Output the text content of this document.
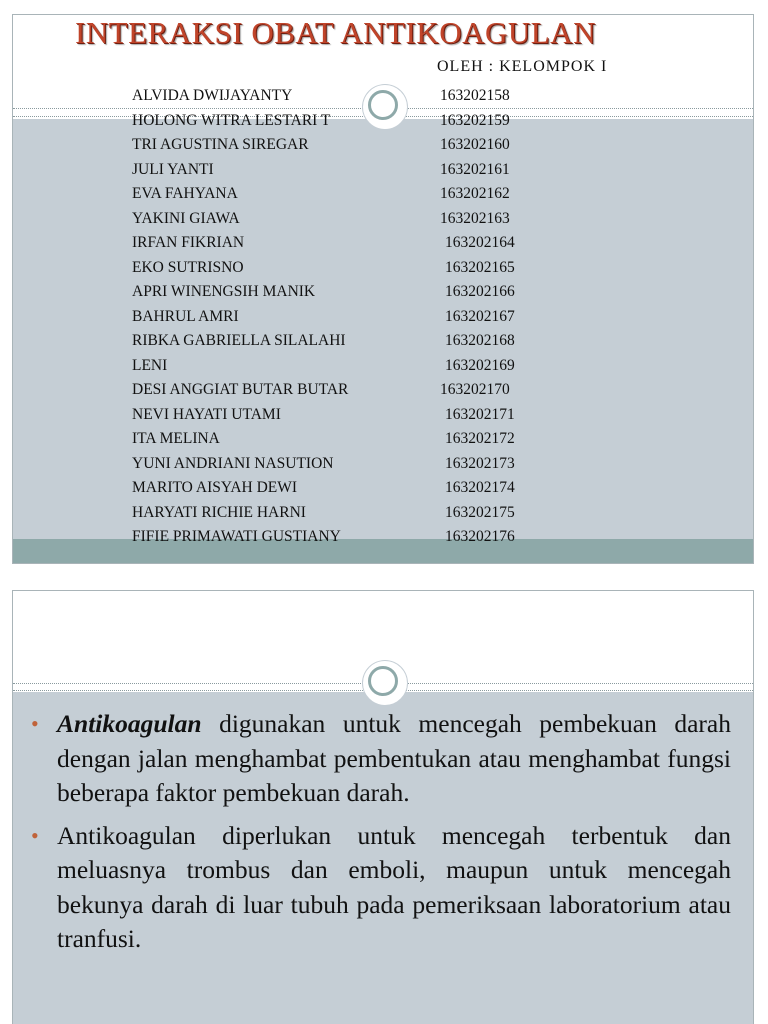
INTERAKSI OBAT ANTIKOAGULAN
OLEH : KELOMPOK I
ALVIDA DWIJAYANTY	163202158
HOLONG WITRA LESTARI T	163202159
TRI AGUSTINA SIREGAR	163202160
JULI YANTI	163202161
EVA FAHYANA	163202162
YAKINI GIAWA	163202163
IRFAN FIKRIAN	163202164
EKO SUTRISNO	163202165
APRI WINENGSIH MANIK	163202166
BAHRUL AMRI	163202167
RIBKA GABRIELLA SILALAHI	163202168
LENI	163202169
DESI ANGGIAT BUTAR BUTAR	163202170
NEVI HAYATI UTAMI	163202171
ITA MELINA	163202172
YUNI ANDRIANI NASUTION	163202173
MARITO AISYAH DEWI	163202174
HARYATI RICHIE HARNI	163202175
FIFIE PRIMAWATI GUSTIANY	163202176
• Antikoagulan digunakan untuk mencegah pembekuan darah dengan jalan menghambat pembentukan atau menghambat fungsi beberapa faktor pembekuan darah.
• Antikoagulan diperlukan untuk mencegah terbentuk dan meluasnya trombus dan emboli, maupun untuk mencegah bekunya darah di luar tubuh pada pemeriksaan laboratorium atau tranfusi.
